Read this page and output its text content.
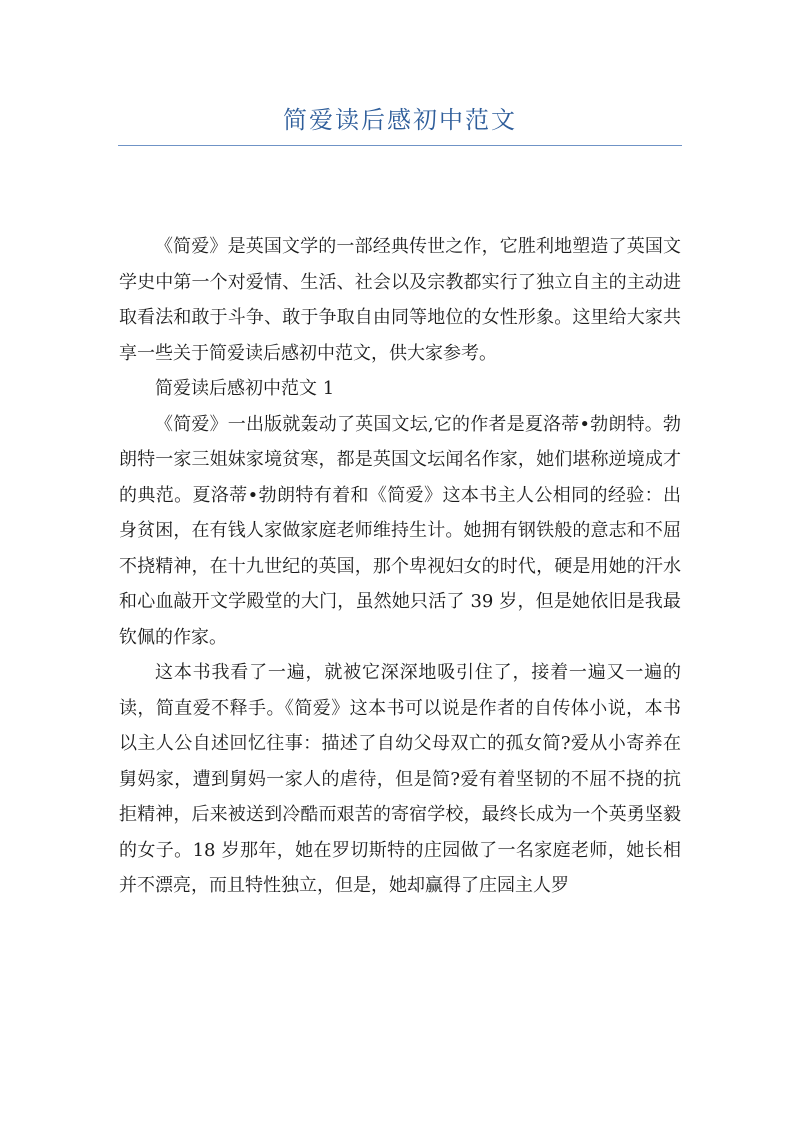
简爱读后感初中范文

《简爱》是英国文学的一部经典传世之作，它胜利地塑造了英国文学史中第一个对爱情、生活、社会以及宗教都实行了独立自主的主动进取看法和敢于斗争、敢于争取自由同等地位的女性形象。这里给大家共享一些关于简爱读后感初中范文，供大家参考。

简爱读后感初中范文 1

《简爱》一出版就轰动了英国文坛,它的作者是夏洛蒂•勃朗特。勃朗特一家三姐妹家境贫寒，都是英国文坛闻名作家，她们堪称逆境成才的典范。夏洛蒂•勃朗特有着和《简爱》这本书主人公相同的经验：出身贫困，在有钱人家做家庭老师维持生计。她拥有钢铁般的意志和不屈不挠精神，在十九世纪的英国，那个卑视妇女的时代，硬是用她的汗水和心血敲开文学殿堂的大门，虽然她只活了 39 岁，但是她依旧是我最钦佩的作家。

这本书我看了一遍，就被它深深地吸引住了，接着一遍又一遍的读，简直爱不释手。《简爱》这本书可以说是作者的自传体小说，本书以主人公自述回忆往事：描述了自幼父母双亡的孤女简?爱从小寄养在舅妈家，遭到舅妈一家人的虐待，但是简?爱有着坚韧的不屈不挠的抗拒精神，后来被送到冷酷而艰苦的寄宿学校，最终长成为一个英勇坚毅的女子。18 岁那年，她在罗切斯特的庄园做了一名家庭老师，她长相并不漂亮，而且特性独立，但是，她却赢得了庄园主人罗
